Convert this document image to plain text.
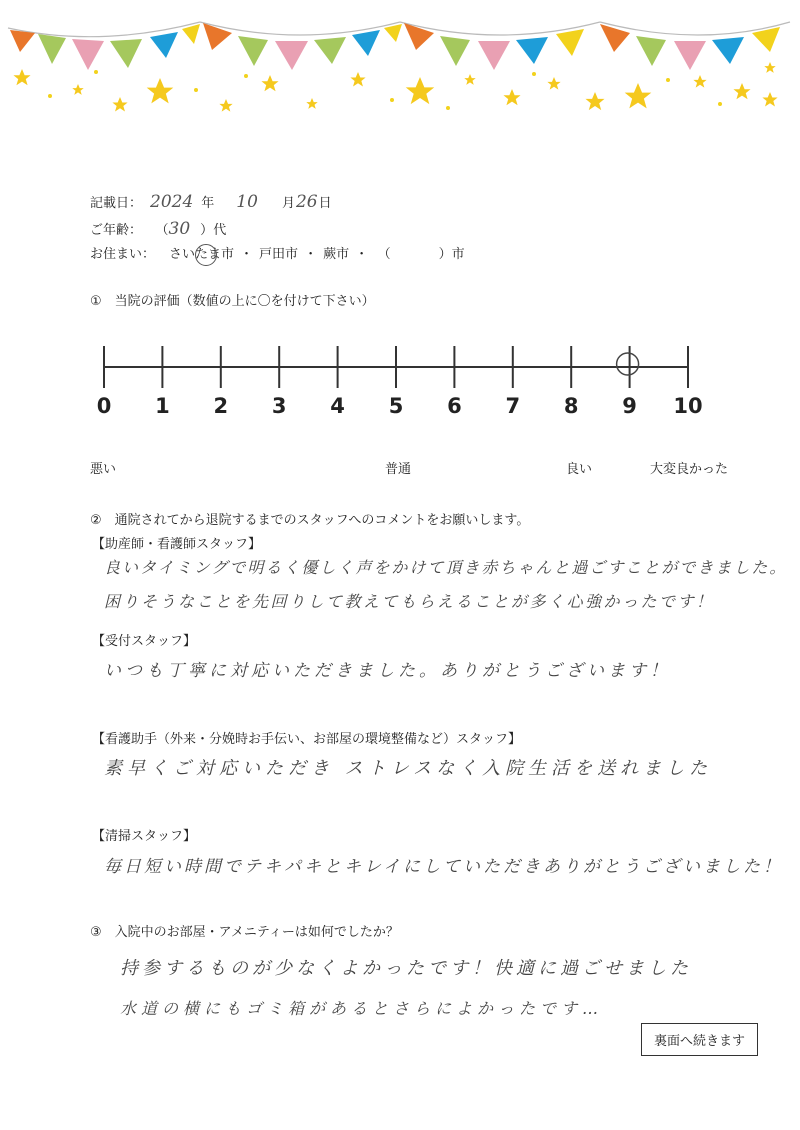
記載日： 2024 年 10 月26日
ご年齢： （30 ）代
お住まい： さいたま市 ・ 戸田市 ・ 蕨市 ・ （	）市
①　当院の評価（数値の上に〇を付けて下さい）
0	1	2	3	4	5	6	7	8	9	10
悪い	普通	良い	大変良かった
②　通院されてから退院するまでのスタッフへのコメントをお願いします。
【助産師・看護師スタッフ】
良いタイミングで明るく優しく声をかけて頂き赤ちゃんと過ごすことができました。
困りそうなことを先回りして教えてもらえることが多く心強かったです！
【受付スタッフ】
いつも丁寧に対応いただきました。ありがとうございます！
【看護助手（外来・分娩時お手伝い、お部屋の環境整備など）スタッフ】
素早くご対応いただき ストレスなく入院生活を送れました
【清掃スタッフ】
毎日短い時間でテキパキとキレイにしていただきありがとうございました！
③　入院中のお部屋・アメニティーは如何でしたか？
持参するものが少なくよかったです！快適に過ごせました
水道の横にもゴミ箱があるとさらによかったです…
裏面へ続きます
